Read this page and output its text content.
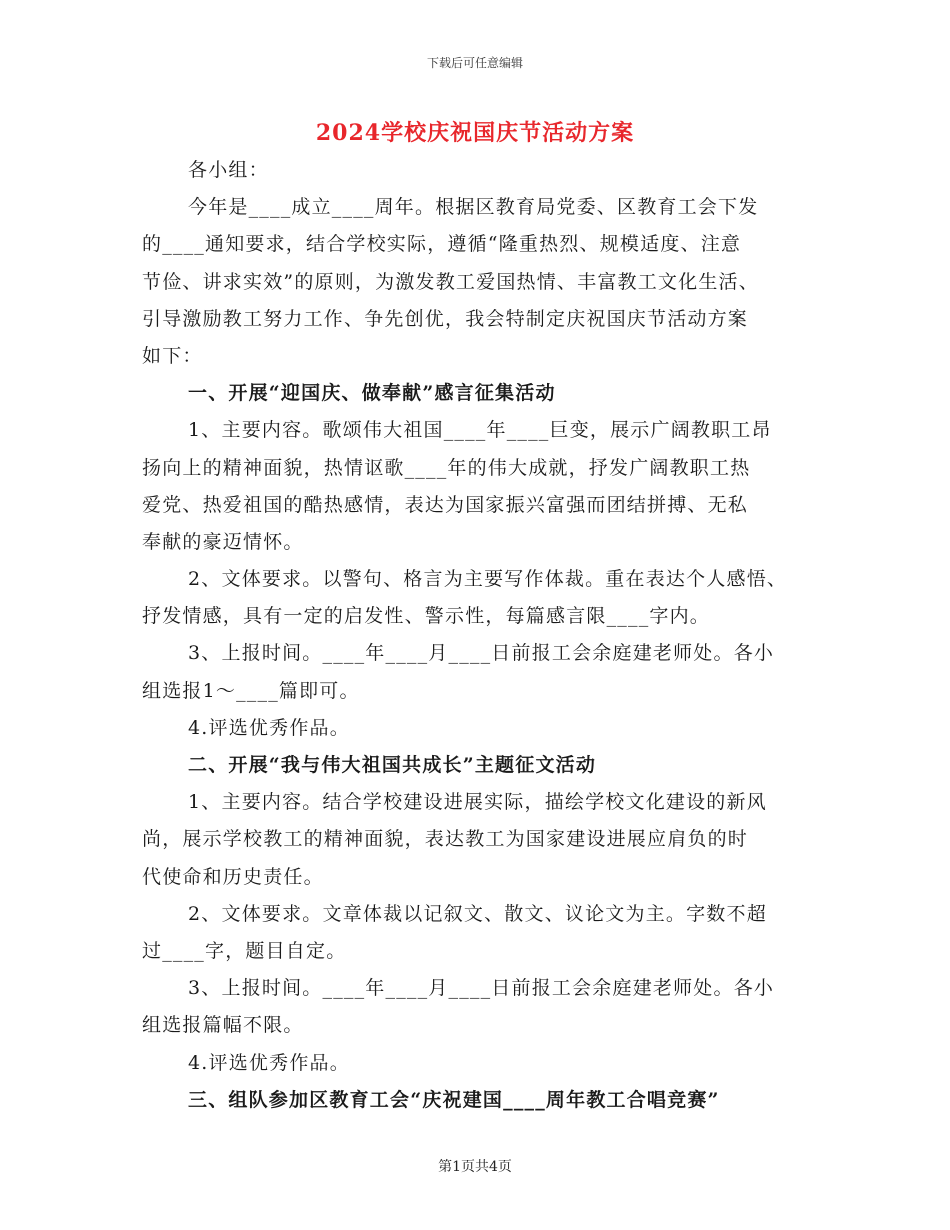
下载后可任意编辑
2024学校庆祝国庆节活动方案
各小组：
今年是____成立____周年。根据区教育局党委、区教育工会下发
的____通知要求，结合学校实际，遵循“隆重热烈、规模适度、注意
节俭、讲求实效”的原则，为激发教工爱国热情、丰富教工文化生活、
引导激励教工努力工作、争先创优，我会特制定庆祝国庆节活动方案
如下：
一、开展“迎国庆、做奉献”感言征集活动
1、主要内容。歌颂伟大祖国____年____巨变，展示广阔教职工昂
扬向上的精神面貌，热情讴歌____年的伟大成就，抒发广阔教职工热
爱党、热爱祖国的酷热感情，表达为国家振兴富强而团结拼搏、无私
奉献的豪迈情怀。
2、文体要求。以警句、格言为主要写作体裁。重在表达个人感悟、
抒发情感，具有一定的启发性、警示性，每篇感言限____字内。
3、上报时间。____年____月____日前报工会余庭建老师处。各小
组选报1～____篇即可。
4.评选优秀作品。
二、开展“我与伟大祖国共成长”主题征文活动
1、主要内容。结合学校建设进展实际，描绘学校文化建设的新风
尚，展示学校教工的精神面貌，表达教工为国家建设进展应肩负的时
代使命和历史责任。
2、文体要求。文章体裁以记叙文、散文、议论文为主。字数不超
过____字，题目自定。
3、上报时间。____年____月____日前报工会余庭建老师处。各小
组选报篇幅不限。
4.评选优秀作品。
三、组队参加区教育工会“庆祝建国____周年教工合唱竞赛”
第1页共4页
